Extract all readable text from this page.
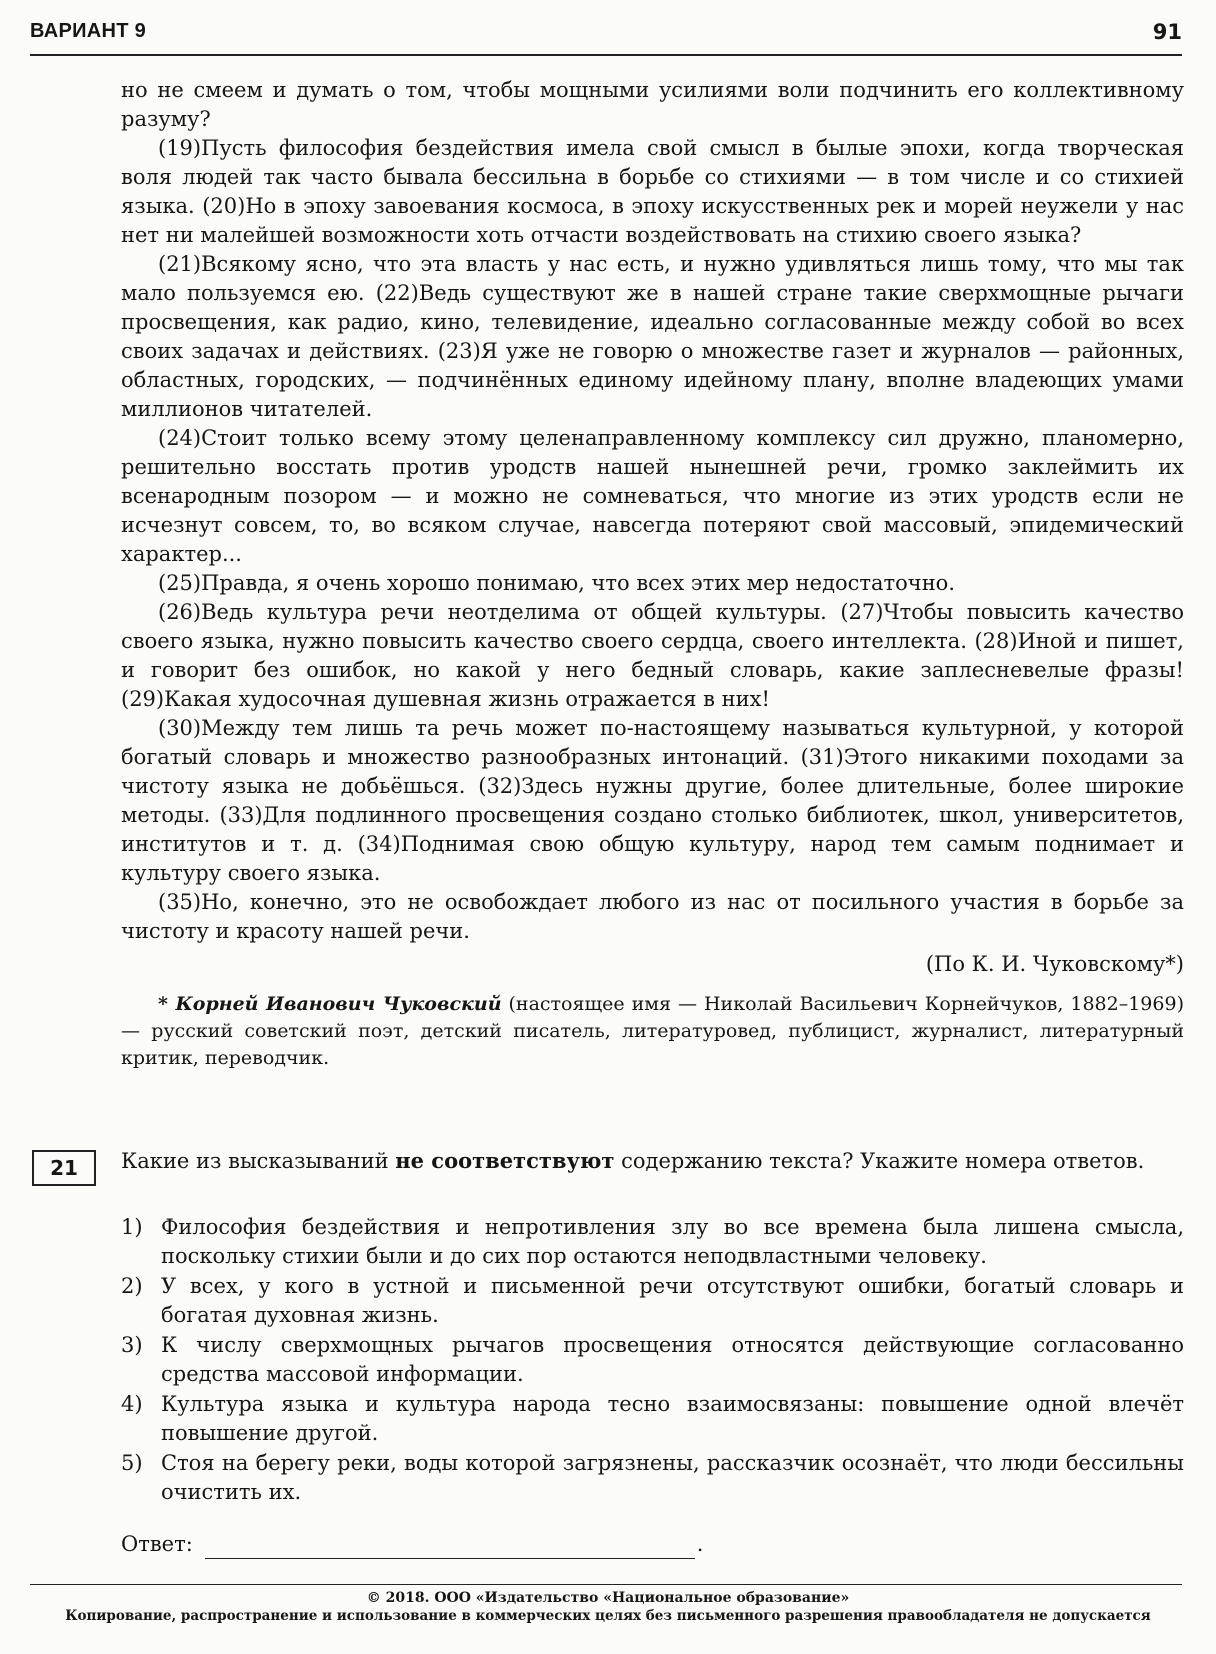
ВАРИАНТ 9	91

но не смеем и думать о том, чтобы мощными усилиями воли подчинить его коллективному разуму?

(19)Пусть философия бездействия имела свой смысл в былые эпохи, когда творческая воля людей так часто бывала бессильна в борьбе со стихиями — в том числе и со стихией языка. (20)Но в эпоху завоевания космоса, в эпоху искусственных рек и морей неужели у нас нет ни малейшей возможности хоть отчасти воздействовать на стихию своего языка?

(21)Всякому ясно, что эта власть у нас есть, и нужно удивляться лишь тому, что мы так мало пользуемся ею. (22)Ведь существуют же в нашей стране такие сверхмощные рычаги просвещения, как радио, кино, телевидение, идеально согласованные между собой во всех своих задачах и действиях. (23)Я уже не говорю о множестве газет и журналов — районных, областных, городских, — подчинённых единому идейному плану, вполне владеющих умами миллионов читателей.

(24)Стоит только всему этому целенаправленному комплексу сил дружно, планомерно, решительно восстать против уродств нашей нынешней речи, громко заклеймить их всенародным позором — и можно не сомневаться, что многие из этих уродств если не исчезнут совсем, то, во всяком случае, навсегда потеряют свой массовый, эпидемический характер...

(25)Правда, я очень хорошо понимаю, что всех этих мер недостаточно.

(26)Ведь культура речи неотделима от общей культуры. (27)Чтобы повысить качество своего языка, нужно повысить качество своего сердца, своего интеллекта. (28)Иной и пишет, и говорит без ошибок, но какой у него бедный словарь, какие заплесневелые фразы! (29)Какая худосочная душевная жизнь отражается в них!

(30)Между тем лишь та речь может по-настоящему называться культурной, у которой богатый словарь и множество разнообразных интонаций. (31)Этого никакими походами за чистоту языка не добьёшься. (32)Здесь нужны другие, более длительные, более широкие методы. (33)Для подлинного просвещения создано столько библиотек, школ, университетов, институтов и т. д. (34)Поднимая свою общую культуру, народ тем самым поднимает и культуру своего языка.

(35)Но, конечно, это не освобождает любого из нас от посильного участия в борьбе за чистоту и красоту нашей речи.

(По К. И. Чуковскому*)
* Корней Иванович Чуковский (настоящее имя — Николай Васильевич Корнейчуков, 1882–1969) — русский советский поэт, детский писатель, литературовед, публицист, журналист, литературный критик, переводчик.
21	Какие из высказываний не соответствуют содержанию текста? Укажите номера ответов.
1) Философия бездействия и непротивления злу во все времена была лишена смысла, поскольку стихии были и до сих пор остаются неподвластными человеку.
2) У всех, у кого в устной и письменной речи отсутствуют ошибки, богатый словарь и богатая духовная жизнь.
3) К числу сверхмощных рычагов просвещения относятся действующие согласованно средства массовой информации.
4) Культура языка и культура народа тесно взаимосвязаны: повышение одной влечёт повышение другой.
5) Стоя на берегу реки, воды которой загрязнены, рассказчик осознаёт, что люди бессильны очистить их.
Ответ:	.
© 2018. ООО «Издательство «Национальное образование»
Копирование, распространение и использование в коммерческих целях без письменного разрешения правообладателя не допускается
